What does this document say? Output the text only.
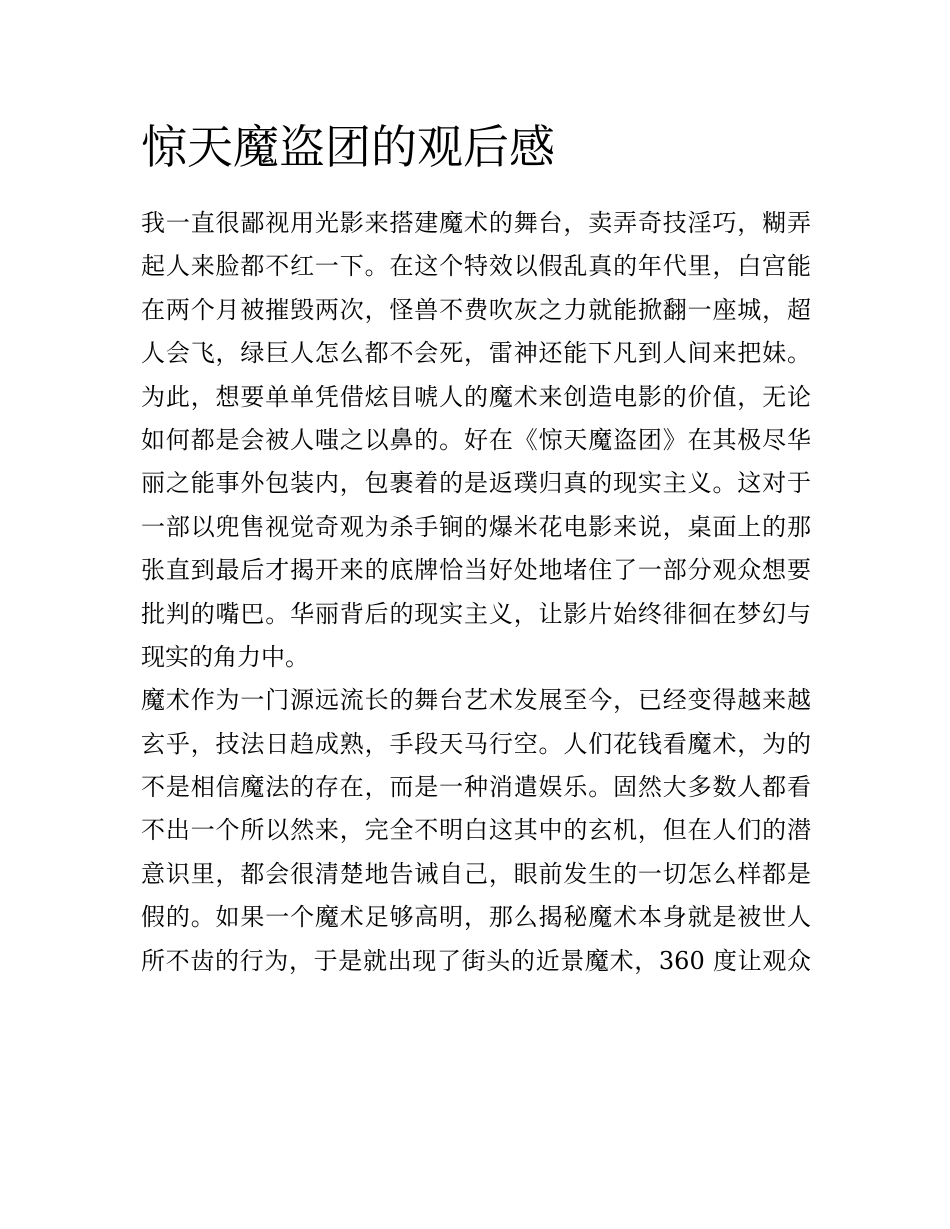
惊天魔盗团的观后感
我一直很鄙视用光影来搭建魔术的舞台，卖弄奇技淫巧，糊弄
起人来脸都不红一下。在这个特效以假乱真的年代里，白宫能
在两个月被摧毁两次，怪兽不费吹灰之力就能掀翻一座城，超
人会飞，绿巨人怎么都不会死，雷神还能下凡到人间来把妹。
为此，想要单单凭借炫目唬人的魔术来创造电影的价值，无论
如何都是会被人嗤之以鼻的。好在《惊天魔盗团》在其极尽华
丽之能事外包装内，包裹着的是返璞归真的现实主义。这对于
一部以兜售视觉奇观为杀手锏的爆米花电影来说，桌面上的那
张直到最后才揭开来的底牌恰当好处地堵住了一部分观众想要
批判的嘴巴。华丽背后的现实主义，让影片始终徘徊在梦幻与
现实的角力中。
魔术作为一门源远流长的舞台艺术发展至今，已经变得越来越
玄乎，技法日趋成熟，手段天马行空。人们花钱看魔术，为的
不是相信魔法的存在，而是一种消遣娱乐。固然大多数人都看
不出一个所以然来，完全不明白这其中的玄机，但在人们的潜
意识里，都会很清楚地告诫自己，眼前发生的一切怎么样都是
假的。如果一个魔术足够高明，那么揭秘魔术本身就是被世人
所不齿的行为，于是就出现了街头的近景魔术，360 度让观众
